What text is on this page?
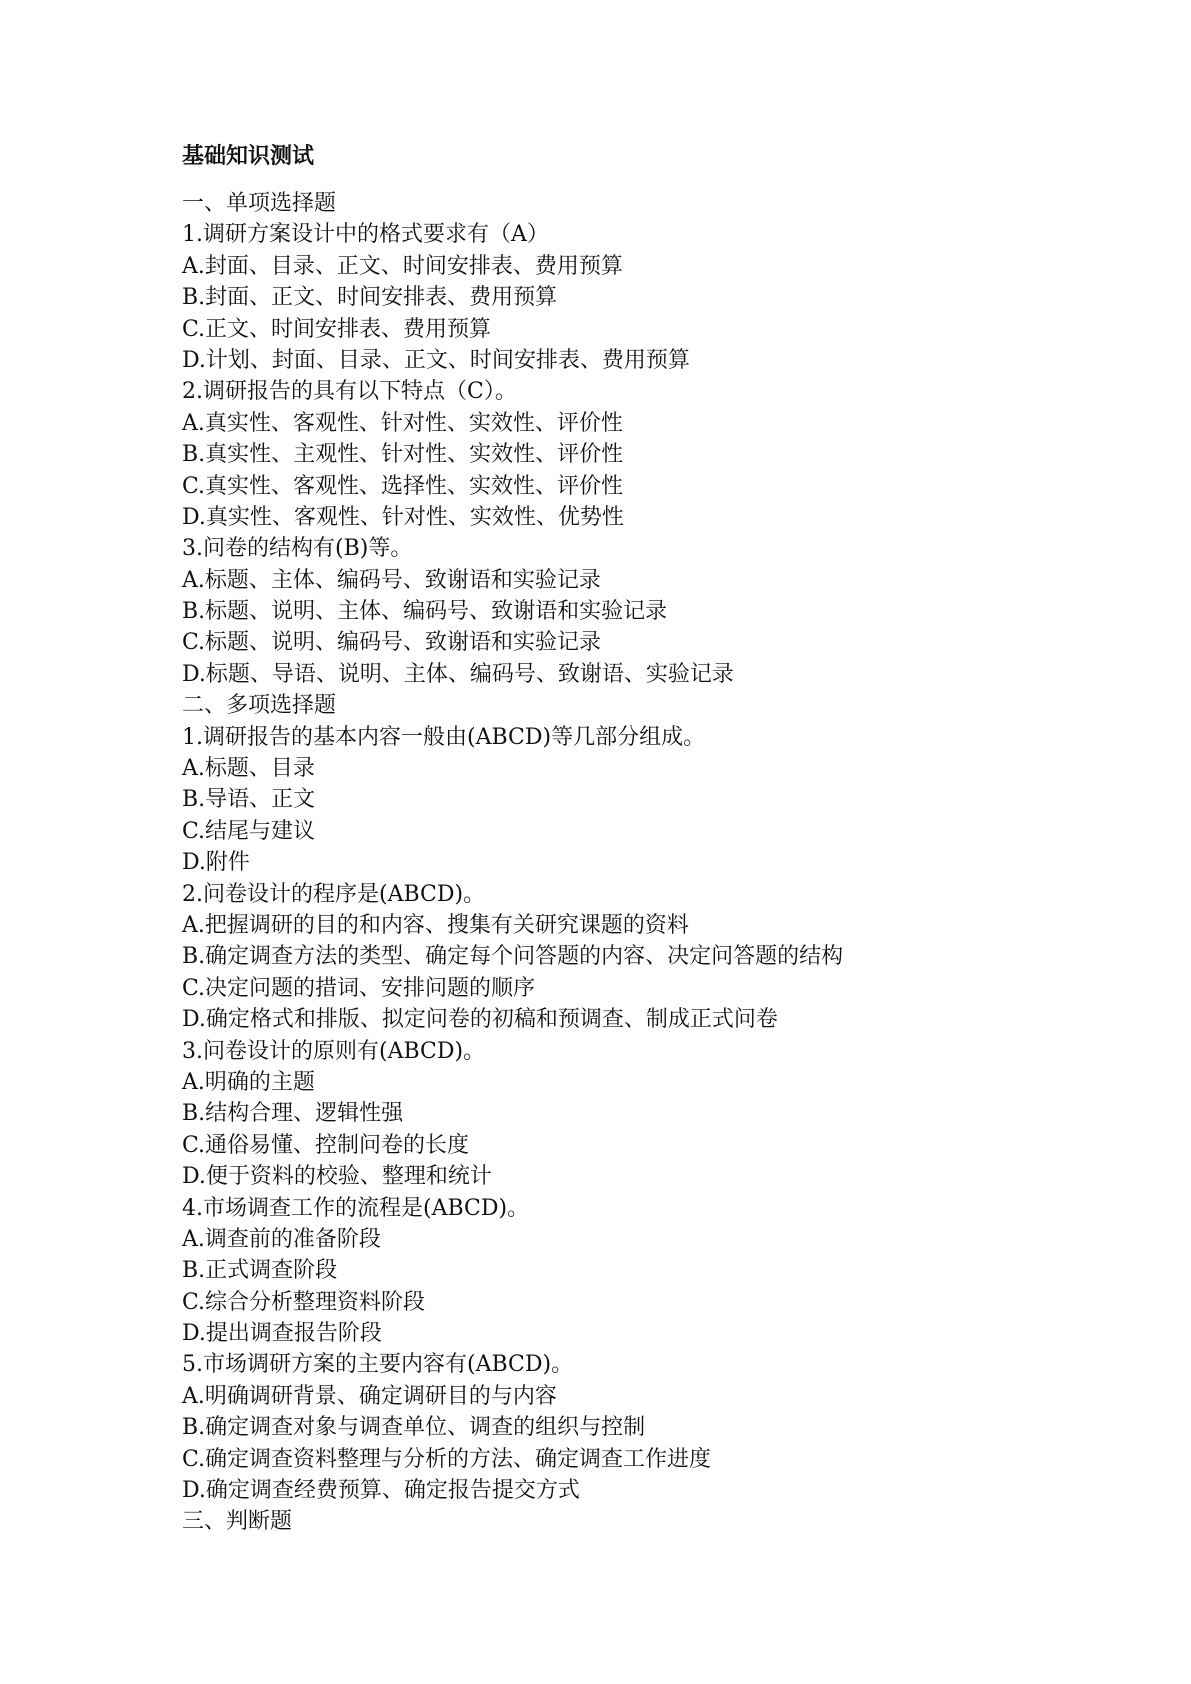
基础知识测试

一、单项选择题

1.调研方案设计中的格式要求有（A）

A.封面、目录、正文、时间安排表、费用预算

B.封面、正文、时间安排表、费用预算

C.正文、时间安排表、费用预算

D.计划、封面、目录、正文、时间安排表、费用预算

2.调研报告的具有以下特点（C）。

A.真实性、客观性、针对性、实效性、评价性

B.真实性、主观性、针对性、实效性、评价性

C.真实性、客观性、选择性、实效性、评价性

D.真实性、客观性、针对性、实效性、优势性

3.问卷的结构有(B)等。

A.标题、主体、编码号、致谢语和实验记录

B.标题、说明、主体、编码号、致谢语和实验记录

C.标题、说明、编码号、致谢语和实验记录

D.标题、导语、说明、主体、编码号、致谢语、实验记录

二、多项选择题

1.调研报告的基本内容一般由(ABCD)等几部分组成。

A.标题、目录

B.导语、正文

C.结尾与建议

D.附件

2.问卷设计的程序是(ABCD)。

A.把握调研的目的和内容、搜集有关研究课题的资料

B.确定调查方法的类型、确定每个问答题的内容、决定问答题的结构

C.决定问题的措词、安排问题的顺序

D.确定格式和排版、拟定问卷的初稿和预调查、制成正式问卷

3.问卷设计的原则有(ABCD)。

A.明确的主题

B.结构合理、逻辑性强

C.通俗易懂、控制问卷的长度

D.便于资料的校验、整理和统计

4.市场调查工作的流程是(ABCD)。

A.调查前的准备阶段

B.正式调查阶段

C.综合分析整理资料阶段

D.提出调查报告阶段

5.市场调研方案的主要内容有(ABCD)。

A.明确调研背景、确定调研目的与内容

B.确定调查对象与调查单位、调查的组织与控制

C.确定调查资料整理与分析的方法、确定调查工作进度

D.确定调查经费预算、确定报告提交方式

三、判断题
